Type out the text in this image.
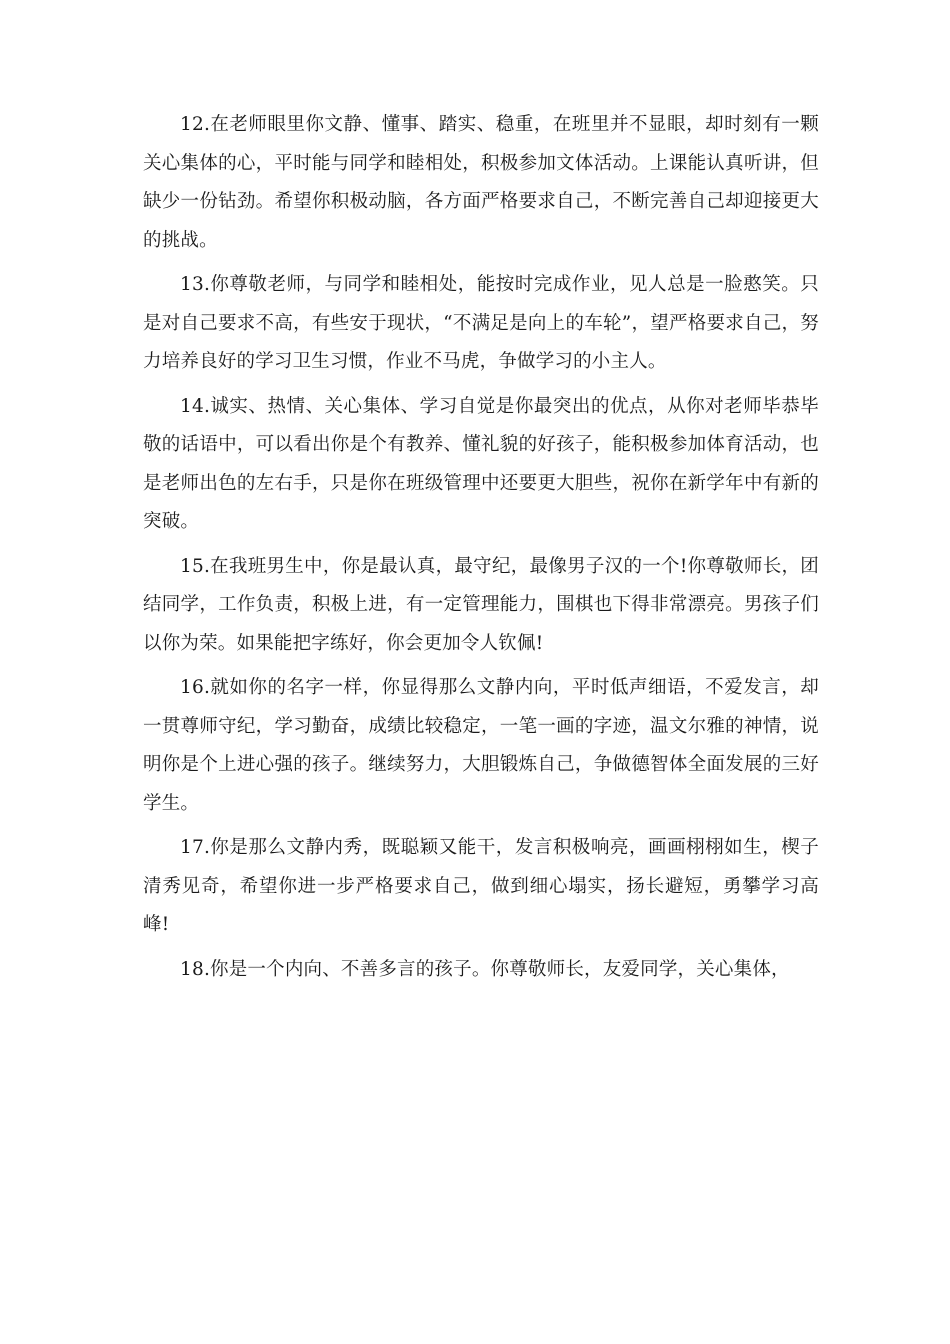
12.在老师眼里你文静、懂事、踏实、稳重，在班里并不显眼，却时刻有一颗关心集体的心，平时能与同学和睦相处，积极参加文体活动。上课能认真听讲，但缺少一份钻劲。希望你积极动脑，各方面严格要求自己，不断完善自己却迎接更大的挑战。

13.你尊敬老师，与同学和睦相处，能按时完成作业，见人总是一脸憨笑。只是对自己要求不高，有些安于现状，“不满足是向上的车轮”，望严格要求自己，努力培养良好的学习卫生习惯，作业不马虎，争做学习的小主人。

14.诚实、热情、关心集体、学习自觉是你最突出的优点，从你对老师毕恭毕敬的话语中，可以看出你是个有教养、懂礼貌的好孩子，能积极参加体育活动，也是老师出色的左右手，只是你在班级管理中还要更大胆些，祝你在新学年中有新的突破。

15.在我班男生中，你是最认真，最守纪，最像男子汉的一个!你尊敬师长，团结同学，工作负责，积极上进，有一定管理能力，围棋也下得非常漂亮。男孩子们以你为荣。如果能把字练好，你会更加令人钦佩!

16.就如你的名字一样，你显得那么文静内向，平时低声细语，不爱发言，却一贯尊师守纪，学习勤奋，成绩比较稳定，一笔一画的字迹，温文尔雅的神情，说明你是个上进心强的孩子。继续努力，大胆锻炼自己，争做德智体全面发展的三好学生。

17.你是那么文静内秀，既聪颖又能干，发言积极响亮，画画栩栩如生，楔子清秀见奇，希望你进一步严格要求自己，做到细心塌实，扬长避短，勇攀学习高峰!

18.你是一个内向、不善多言的孩子。你尊敬师长，友爱同学，关心集体，
